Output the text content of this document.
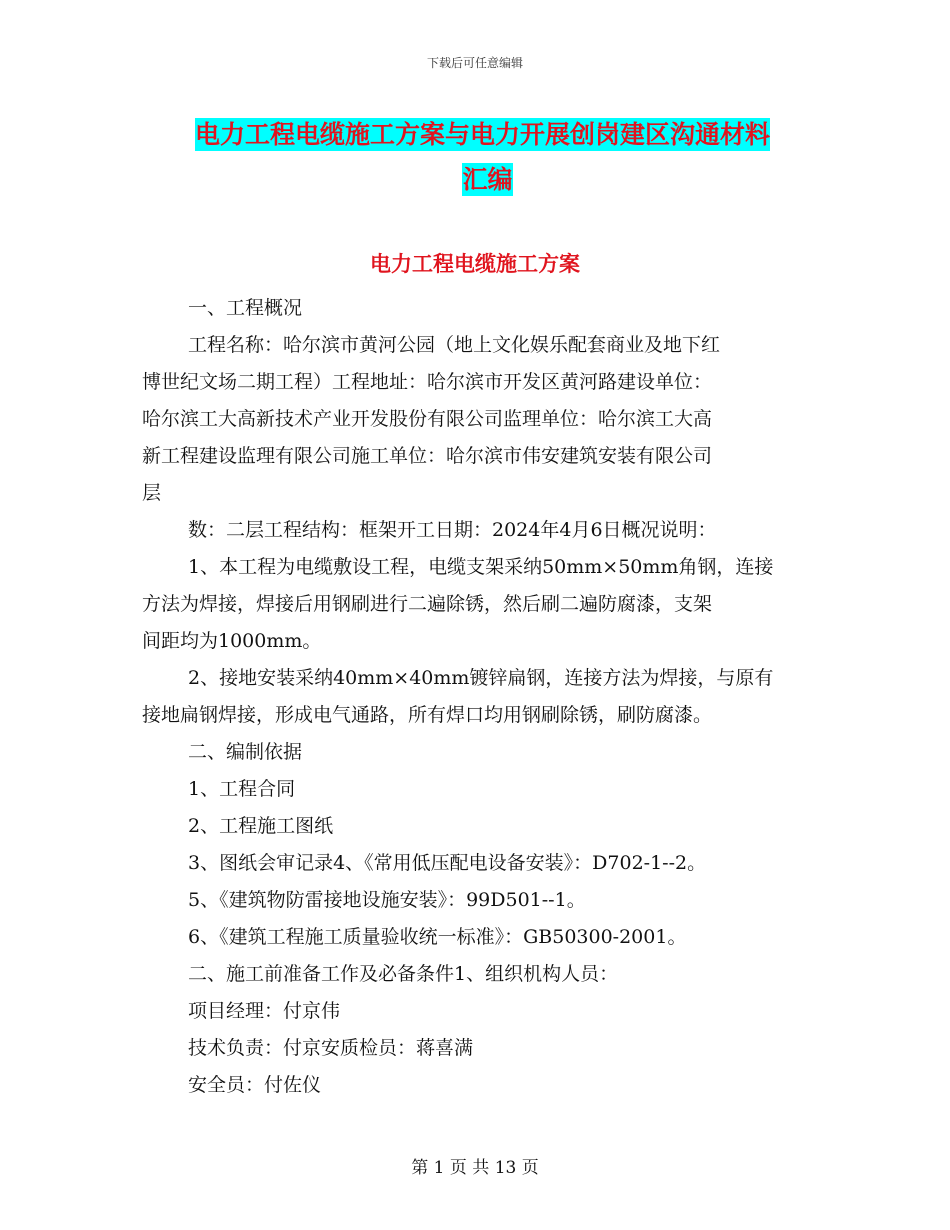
下载后可任意编辑
电力工程电缆施工方案与电力开展创岗建区沟通材料
汇编
电力工程电缆施工方案

一、工程概况

工程名称：哈尔滨市黄河公园（地上文化娱乐配套商业及地下红

博世纪文场二期工程）工程地址：哈尔滨市开发区黄河路建设单位：

哈尔滨工大高新技术产业开发股份有限公司监理单位：哈尔滨工大高

新工程建设监理有限公司施工单位：哈尔滨市伟安建筑安装有限公司

层

数：二层工程结构：框架开工日期：2024年4月6日概况说明：

1、本工程为电缆敷设工程，电缆支架采纳50mm×50mm角钢，连接

方法为焊接，焊接后用钢刷进行二遍除锈，然后刷二遍防腐漆，支架

间距均为1000mm。

2、接地安装采纳40mm×40mm镀锌扁钢，连接方法为焊接，与原有

接地扁钢焊接，形成电气通路，所有焊口均用钢刷除锈，刷防腐漆。

二、编制依据

1、工程合同

2、工程施工图纸

3、图纸会审记录4、《常用低压配电设备安装》：D702-1--2。

5、《建筑物防雷接地设施安装》：99D501--1。

6、《建筑工程施工质量验收统一标准》：GB50300-2001。

二、施工前准备工作及必备条件1、组织机构人员：

项目经理：付京伟

技术负责：付京安质检员：蒋喜满

安全员：付佐仪

第 1 页 共 13 页
